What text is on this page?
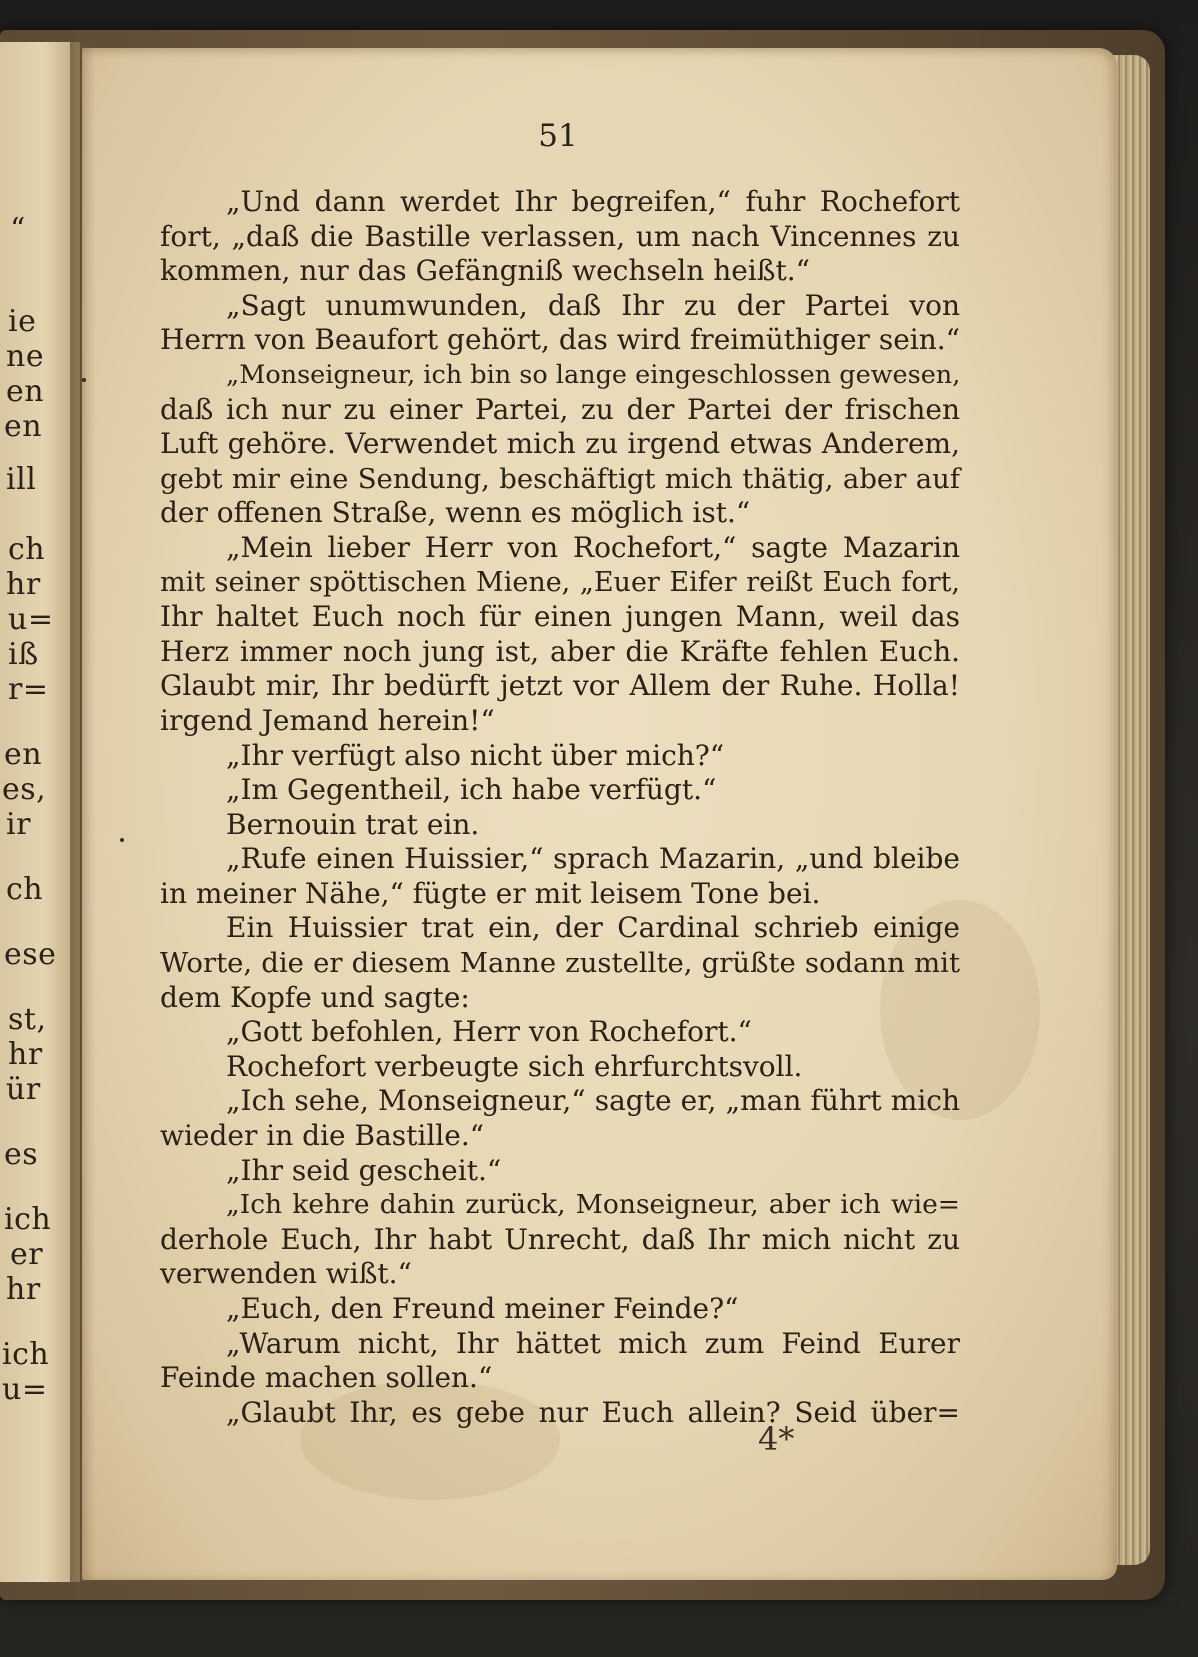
“
ie
ne
en
en
ill
ch
hr
u=
iß
r=
en
es,
ir
ch
ese
st,
hr
ür
es
ich
er
hr
ich
u=
51
„Und dann werdet Ihr begreifen,“ fuhr Rochefort
fort, „daß die Bastille verlassen, um nach Vincennes zu
kommen, nur das Gefängniß wechseln heißt.“
„Sagt unumwunden, daß Ihr zu der Partei von
Herrn von Beaufort gehört, das wird freimüthiger sein.“
„Monseigneur, ich bin so lange eingeschlossen gewesen,
daß ich nur zu einer Partei, zu der Partei der frischen
Luft gehöre. Verwendet mich zu irgend etwas Anderem,
gebt mir eine Sendung, beschäftigt mich thätig, aber auf
der offenen Straße, wenn es möglich ist.“
„Mein lieber Herr von Rochefort,“ sagte Mazarin
mit seiner spöttischen Miene, „Euer Eifer reißt Euch fort,
Ihr haltet Euch noch für einen jungen Mann, weil das
Herz immer noch jung ist, aber die Kräfte fehlen Euch.
Glaubt mir, Ihr bedürft jetzt vor Allem der Ruhe. Holla!
irgend Jemand herein!“
„Ihr verfügt also nicht über mich?“
„Im Gegentheil, ich habe verfügt.“
Bernouin trat ein.
„Rufe einen Huissier,“ sprach Mazarin, „und bleibe
in meiner Nähe,“ fügte er mit leisem Tone bei.
Ein Huissier trat ein, der Cardinal schrieb einige
Worte, die er diesem Manne zustellte, grüßte sodann mit
dem Kopfe und sagte:
„Gott befohlen, Herr von Rochefort.“
Rochefort verbeugte sich ehrfurchtsvoll.
„Ich sehe, Monseigneur,“ sagte er, „man führt mich
wieder in die Bastille.“
„Ihr seid gescheit.“
„Ich kehre dahin zurück, Monseigneur, aber ich wie=
derhole Euch, Ihr habt Unrecht, daß Ihr mich nicht zu
verwenden wißt.“
„Euch, den Freund meiner Feinde?“
„Warum nicht, Ihr hättet mich zum Feind Eurer
Feinde machen sollen.“
„Glaubt Ihr, es gebe nur Euch allein? Seid über=
4*
